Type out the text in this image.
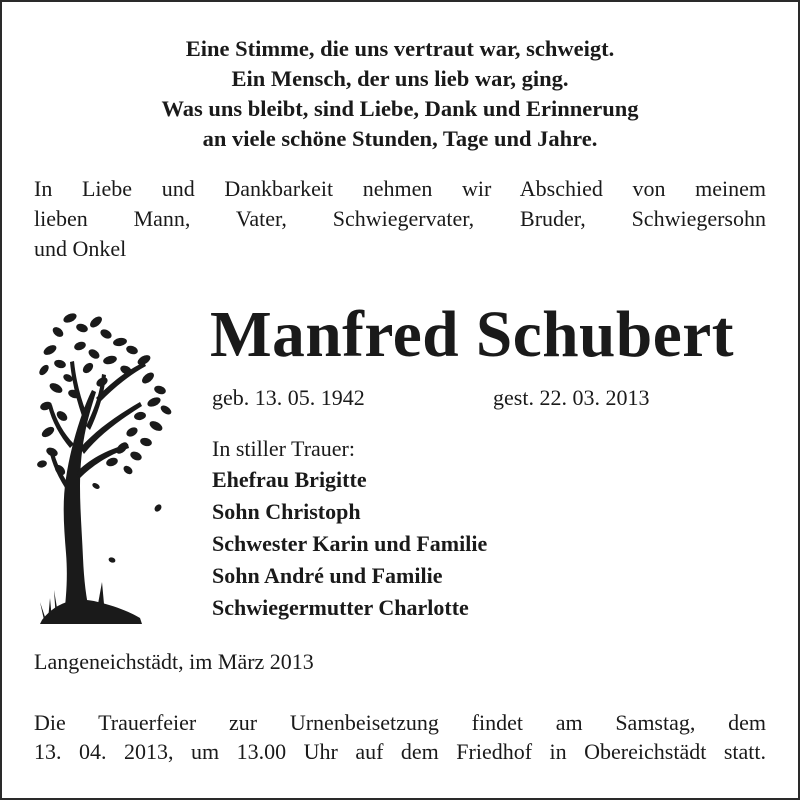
Eine Stimme, die uns vertraut war, schweigt.
Ein Mensch, der uns lieb war, ging.
Was uns bleibt, sind Liebe, Dank und Erinnerung
an viele schöne Stunden, Tage und Jahre.
In Liebe und Dankbarkeit nehmen wir Abschied von meinem
lieben Mann, Vater, Schwiegervater, Bruder, Schwiegersohn
und Onkel
Manfred Schubert
geb. 13. 05. 1942	gest. 22. 03. 2013
In stiller Trauer:
Ehefrau Brigitte
Sohn Christoph
Schwester Karin und Familie
Sohn André und Familie
Schwiegermutter Charlotte
Langeneichstädt, im März 2013
Die Trauerfeier zur Urnenbeisetzung findet am Samstag, dem
13. 04. 2013, um 13.00 Uhr auf dem Friedhof in Obereichstädt statt.
